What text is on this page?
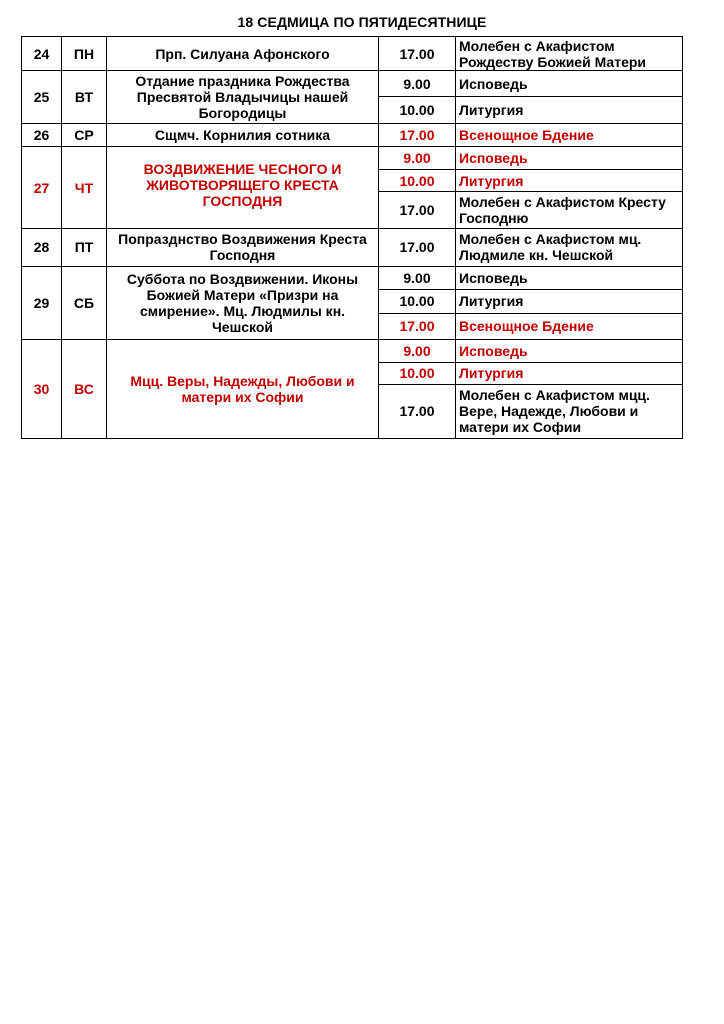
18 СЕДМИЦА ПО ПЯТИДЕСЯТНИЦЕ
24	ПН	Прп. Силуана Афонского	17.00	Молебен с Акафистом Рождеству Божией Матери
25	ВТ	Отдание праздника Рождества Пресвятой Владычицы нашей Богородицы	9.00	Исповедь
			10.00	Литургия
26	СР	Сщмч. Корнилия сотника	17.00	Всенощное Бдение
27	ЧТ	ВОЗДВИЖЕНИЕ ЧЕСНОГО И ЖИВОТВОРЯЩЕГО КРЕСТА ГОСПОДНЯ	9.00	Исповедь
			10.00	Литургия
			17.00	Молебен с Акафистом Кресту Господню
28	ПТ	Попразднство Воздвижения Креста Господня	17.00	Молебен с Акафистом мц. Людмиле кн. Чешской
29	СБ	Суббота по Воздвижении. Иконы Божией Матери «Призри на смирение». Мц. Людмилы кн. Чешской	9.00	Исповедь
			10.00	Литургия
			17.00	Всенощное Бдение
30	ВС	Мцц. Веры, Надежды, Любови и матери их Софии	9.00	Исповедь
			10.00	Литургия
			17.00	Молебен с Акафистом мцц. Вере, Надежде, Любови и матери их Софии
